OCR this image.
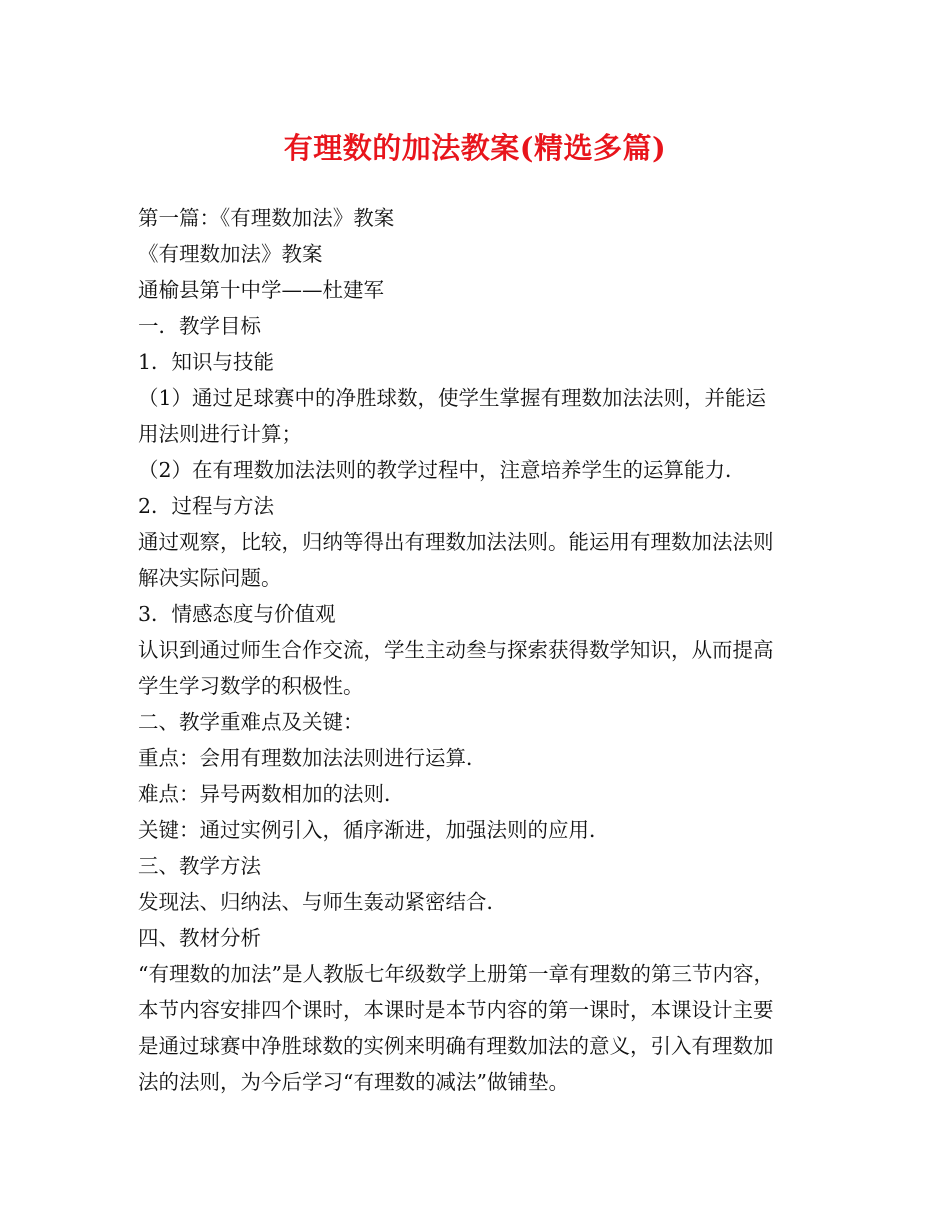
有理数的加法教案(精选多篇)
第一篇：《有理数加法》教案
《有理数加法》教案
通榆县第十中学——杜建军
一．教学目标
1．知识与技能
（1）通过足球赛中的净胜球数，使学生掌握有理数加法法则，并能运
用法则进行计算；
（2）在有理数加法法则的教学过程中，注意培养学生的运算能力．
2．过程与方法
通过观察，比较，归纳等得出有理数加法法则。能运用有理数加法法则
解决实际问题。
3．情感态度与价值观
认识到通过师生合作交流，学生主动叁与探索获得数学知识，从而提高
学生学习数学的积极性。
二、教学重难点及关键：
重点：会用有理数加法法则进行运算．
难点：异号两数相加的法则．
关键：通过实例引入，循序渐进，加强法则的应用．
三、教学方法
发现法、归纳法、与师生轰动紧密结合．
四、教材分析
“有理数的加法”是人教版七年级数学上册第一章有理数的第三节内容，
本节内容安排四个课时，本课时是本节内容的第一课时，本课设计主要
是通过球赛中净胜球数的实例来明确有理数加法的意义，引入有理数加
法的法则，为今后学习“有理数的减法”做铺垫。
